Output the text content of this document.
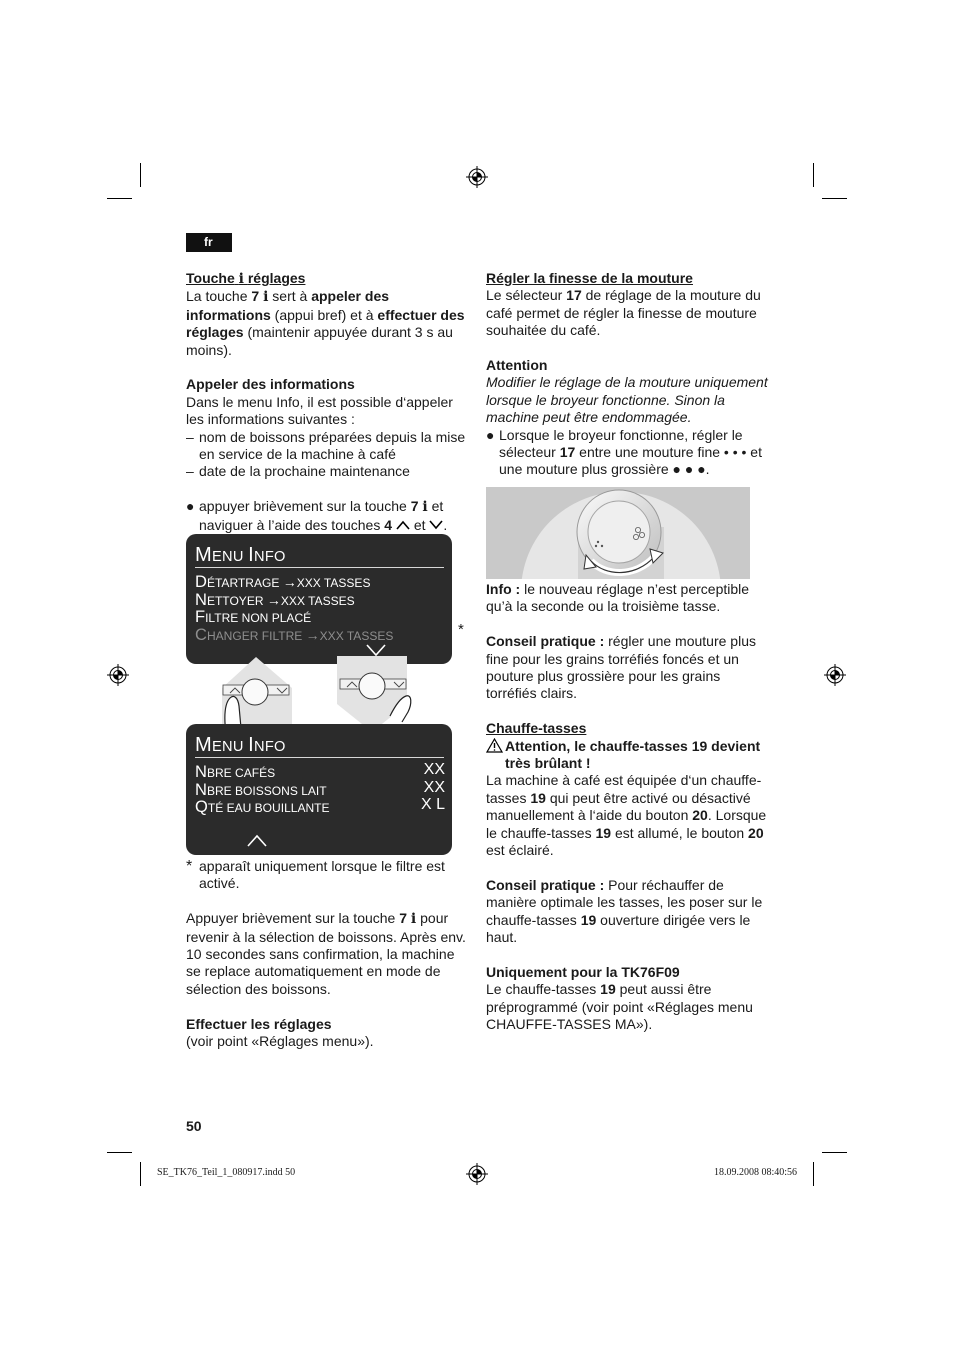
fr

Touche i réglages

La touche 7 i sert à appeler des informations (appui bref) et à effectuer des réglages (maintenir appuyée durant 3 s au moins).

Appeler des informations

Dans le menu Info, il est possible d‘appeler les informations suivantes :

– nom de boissons préparées depuis la mise en service de la machine à café
– date de la prochaine maintenance
● appuyer brièvement sur la touche 7 i et naviguer à l’aide des touches 4 et .
MENU INFO
DÉTARTRAGE →XXX TASSES
NETTOYER →XXX TASSES
FILTRE NON PLACÉ
CHANGER FILTRE →XXX TASSES	*
MENU INFO
NBRE CAFÉS	XX
NBRE BOISSONS LAIT	XX
QTÉ EAU BOUILLANTE	X L
* apparaît uniquement lorsque le filtre est activé.

Appuyer brièvement sur la touche 7 i pour revenir à la sélection de boissons. Après env. 10 secondes sans confirmation, la machine se replace automatiquement en mode de sélection des boissons.

Effectuer les réglages

(voir point «Réglages menu»).

Régler la finesse de la mouture

Le sélecteur 17 de réglage de la mouture du café permet de régler la finesse de mouture souhaitée du café.

Attention

Modifier le réglage de la mouture uniquement lorsque le broyeur fonctionne. Sinon la machine peut être endommagée.

● Lorsque le broyeur fonctionne, régler le sélecteur 17 entre une mouture fine • • • et une mouture plus grossière ● ● ●.

Info : le nouveau réglage n’est perceptible qu’à la seconde ou la troisième tasse.

Conseil pratique : régler une mouture plus fine pour les grains torréfiés foncés et un pouture plus grossière pour les grains torréfiés clairs.

Chauffe-tasses

Attention, le chauffe-tasses 19 devient très brûlant !

La machine à café est équipée d‘un chauffe-tasses 19 qui peut être activé ou désactivé manuellement à l‘aide du bouton 20. Lorsque le chauffe-tasses 19 est allumé, le bouton 20 est éclairé.

Conseil pratique : Pour réchauffer de manière optimale les tasses, les poser sur le chauffe-tasses 19 ouverture dirigée vers le haut.

Uniquement pour la TK76F09

Le chauffe-tasses 19 peut aussi être préprogrammé (voir point «Réglages menu CHAUFFE-TASSES MA»).

50
SE_TK76_Teil_1_080917.indd 50	18.09.2008 08:40:56
